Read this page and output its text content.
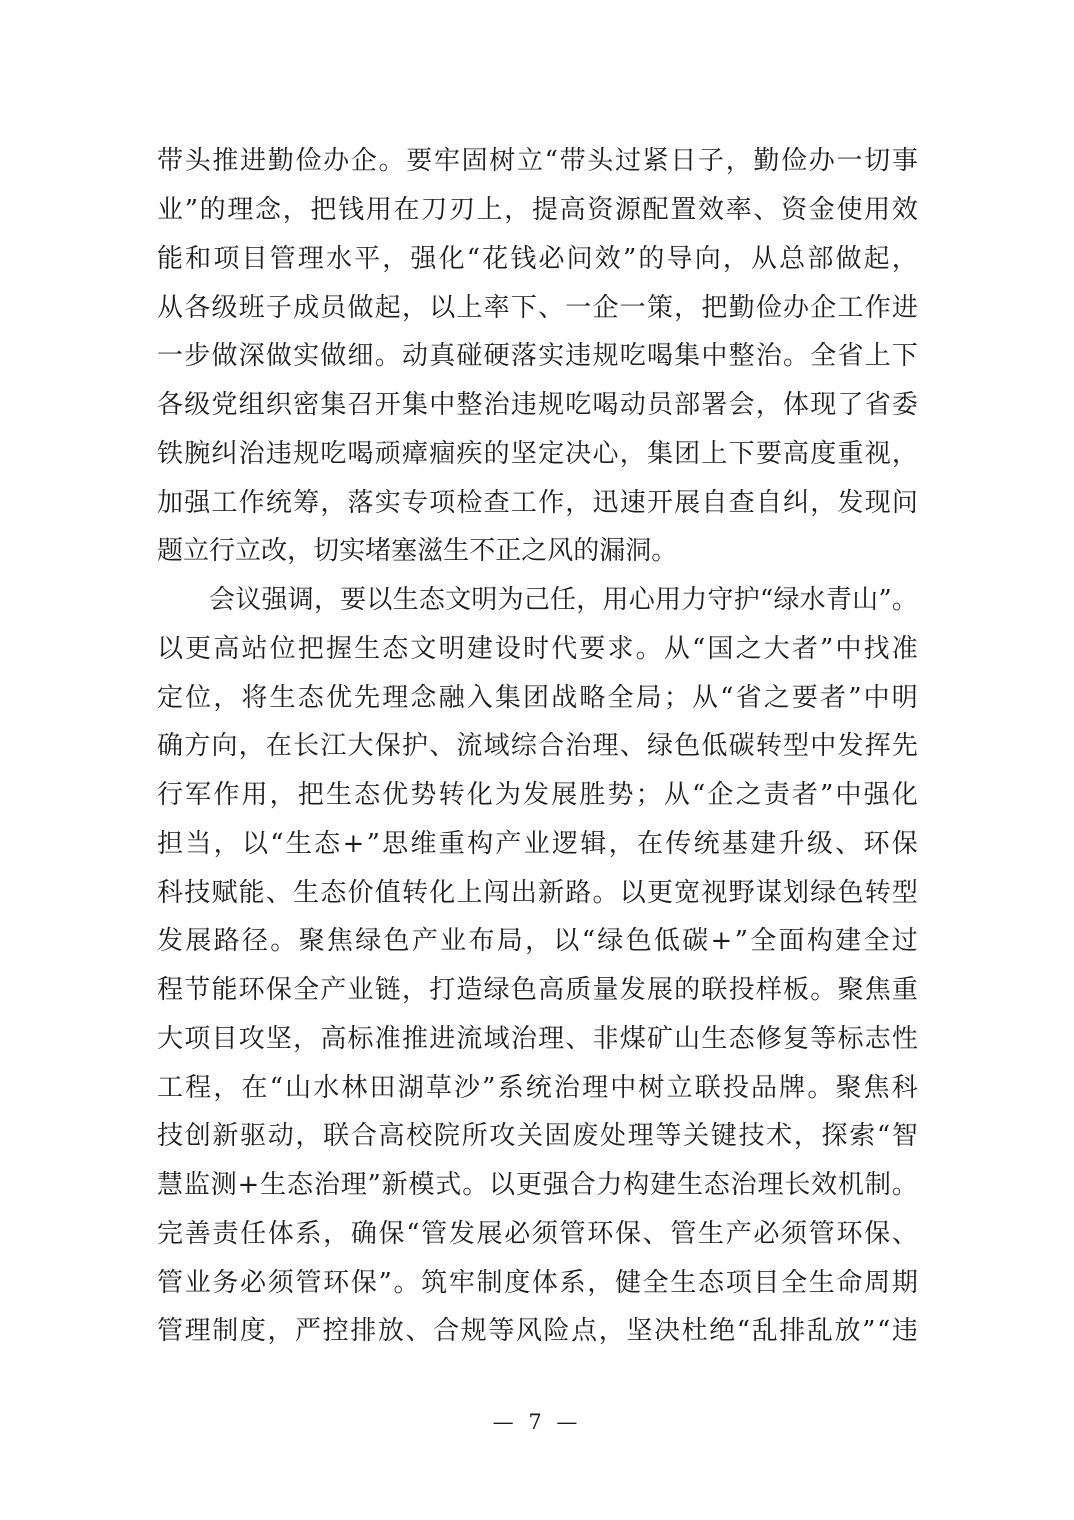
带 头 推 进 勤 俭 办 企 。 要 牢 固 树 立 “ 带 头 过 紧 日 子 ， 勤 俭 办 一 切 事
业 ” 的 理 念 ， 把 钱 用 在 刀 刃 上 ， 提 高 资 源 配 置 效 率 、 资 金 使 用 效
能 和 项 目 管 理 水 平 ， 强 化 “ 花 钱 必 问 效 ” 的 导 向 ， 从 总 部 做 起 ，
从 各 级 班 子 成 员 做 起 ， 以 上 率 下 、 一 企 一 策 ， 把 勤 俭 办 企 工 作 进
一 步 做 深 做 实 做 细 。 动 真 碰 硬 落 实 违 规 吃 喝 集 中 整 治 。 全 省 上 下
各 级 党 组 织 密 集 召 开 集 中 整 治 违 规 吃 喝 动 员 部 署 会 ， 体 现 了 省 委
铁 腕 纠 治 违 规 吃 喝 顽 瘴 痼 疾 的 坚 定 决 心 ， 集 团 上 下 要 高 度 重 视 ，
加 强 工 作 统 筹 ， 落 实 专 项 检 查 工 作 ， 迅 速 开 展 自 查 自 纠 ， 发 现 问
题 立 行 立 改 ， 切 实 堵 塞 滋 生 不 正 之 风 的 漏 洞 。
会 议 强 调 ， 要 以 生 态 文 明 为 己 任 ， 用 心 用 力 守 护 “ 绿 水 青 山 ” 。
以 更 高 站 位 把 握 生 态 文 明 建 设 时 代 要 求 。 从 “ 国 之 大 者 ” 中 找 准
定 位 ， 将 生 态 优 先 理 念 融 入 集 团 战 略 全 局 ； 从 “ 省 之 要 者 ” 中 明
确 方 向 ， 在 长 江 大 保 护 、 流 域 综 合 治 理 、 绿 色 低 碳 转 型 中 发 挥 先
行 军 作 用 ， 把 生 态 优 势 转 化 为 发 展 胜 势 ； 从 “ 企 之 责 者 ” 中 强 化
担 当 ， 以 “ 生 态 + ” 思 维 重 构 产 业 逻 辑 ， 在 传 统 基 建 升 级 、 环 保
科 技 赋 能 、 生 态 价 值 转 化 上 闯 出 新 路 。 以 更 宽 视 野 谋 划 绿 色 转 型
发 展 路 径 。 聚 焦 绿 色 产 业 布 局 ， 以 “ 绿 色 低 碳 + ” 全 面 构 建 全 过
程 节 能 环 保 全 产 业 链 ， 打 造 绿 色 高 质 量 发 展 的 联 投 样 板 。 聚 焦 重
大 项 目 攻 坚 ， 高 标 准 推 进 流 域 治 理 、 非 煤 矿 山 生 态 修 复 等 标 志 性
工 程 ， 在 “ 山 水 林 田 湖 草 沙 ” 系 统 治 理 中 树 立 联 投 品 牌 。 聚 焦 科
技 创 新 驱 动 ， 联 合 高 校 院 所 攻 关 固 废 处 理 等 关 键 技 术 ， 探 索 “ 智
慧 监 测 + 生 态 治 理 ” 新 模 式 。 以 更 强 合 力 构 建 生 态 治 理 长 效 机 制 。
完 善 责 任 体 系 ， 确 保 “ 管 发 展 必 须 管 环 保 、 管 生 产 必 须 管 环 保 、
管 业 务 必 须 管 环 保 ” 。 筑 牢 制 度 体 系 ， 健 全 生 态 项 目 全 生 命 周 期
管 理 制 度 ， 严 控 排 放 、 合 规 等 风 险 点 ， 坚 决 杜 绝 “ 乱 排 乱 放 ” “ 违
— 7 —
